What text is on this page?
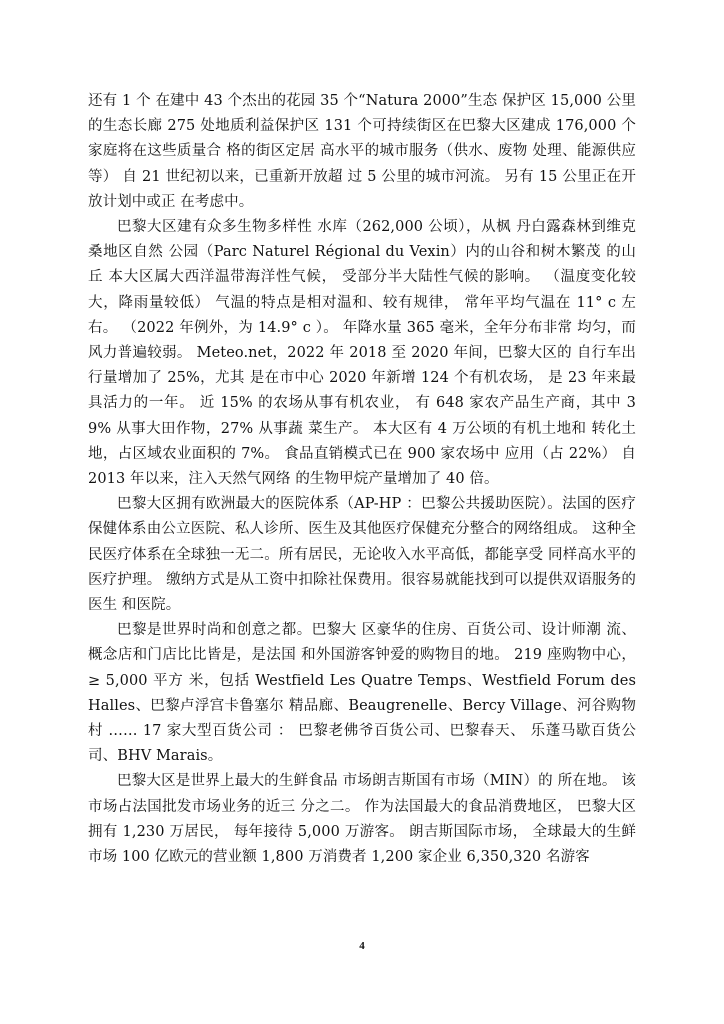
还有 1 个 在建中 43 个杰出的花园 35 个“Natura 2000”生态 保护区 15,000 公里的生态长廊 275 处地质利益保护区 131 个可持续街区在巴黎大区建成 176,000 个家庭将在这些质量合 格的街区定居 高水平的城市服务（供水、废物 处理、能源供应等） 自 21 世纪初以来，已重新开放超 过 5 公里的城市河流。 另有 15 公里正在开放计划中或正 在考虑中。

巴黎大区建有众多生物多样性 水库（262,000 公顷），从枫 丹白露森林到维克桑地区自然 公园（Parc Naturel Régional du Vexin）内的山谷和树木繁茂 的山丘 本大区属大西洋温带海洋性气候， 受部分半大陆性气候的影响。 （温度变化较大，降雨量较低） 气温的特点是相对温和、较有规律， 常年平均气温在 11° c 左右。 （2022 年例外，为 14.9° c ）。 年降水量 365 毫米，全年分布非常 均匀，而风力普遍较弱。 Meteo.net，2022 年 2018 至 2020 年间，巴黎大区的 自行车出行量增加了 25%，尤其 是在市中心 2020 年新增 124 个有机农场， 是 23 年来最具活力的一年。 近 15% 的农场从事有机农业， 有 648 家农产品生产商，其中 39% 从事大田作物，27% 从事蔬 菜生产。 本大区有 4 万公顷的有机土地和 转化土地，占区域农业面积的 7%。 食品直销模式已在 900 家农场中 应用（占 22%） 自 2013 年以来，注入天然气网络 的生物甲烷产量增加了 40 倍。

巴黎大区拥有欧洲最大的医院体系（AP-HP ：巴黎公共援助医院）。法国的医疗 保健体系由公立医院、私人诊所、医生及其他医疗保健充分整合的网络组成。 这种全民医疗体系在全球独一无二。所有居民，无论收入水平高低，都能享受 同样高水平的医疗护理。 缴纳方式是从工资中扣除社保费用。很容易就能找到可以提供双语服务的医生 和医院。

巴黎是世界时尚和创意之都。巴黎大 区豪华的住房、百货公司、设计师潮 流、概念店和门店比比皆是，是法国 和外国游客钟爱的购物目的地。 219 座购物中心，≥ 5,000 平方 米，包括 Westfield Les Quatre Temps、Westfield Forum des Halles、巴黎卢浮宫卡鲁塞尔 精品廊、Beaugrenelle、Bercy Village、河谷购物村 …… 17 家大型百货公司 ： 巴黎老佛爷百货公司、巴黎春天、 乐蓬马歇百货公司、BHV Marais。

巴黎大区是世界上最大的生鲜食品 市场朗吉斯国有市场（MIN）的 所在地。 该市场占法国批发市场业务的近三 分之二。 作为法国最大的食品消费地区， 巴黎大区拥有 1,230 万居民， 每年接待 5,000 万游客。 朗吉斯国际市场， 全球最大的生鲜市场 100 亿欧元的营业额 1,800 万消费者 1,200 家企业 6,350,320 名游客

4
